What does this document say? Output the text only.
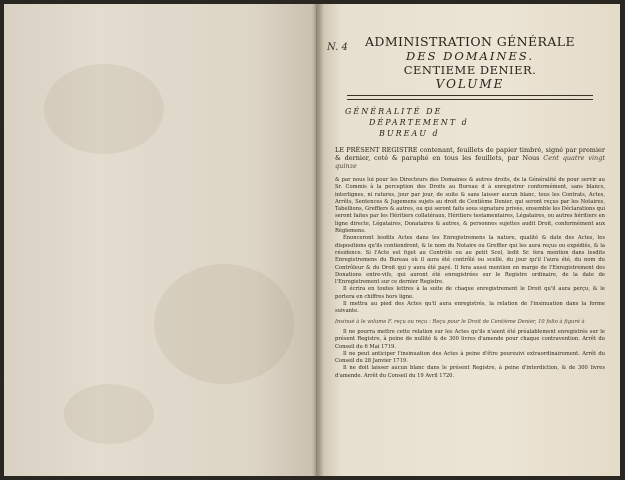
N. 4	ADMINISTRATION GÉNÉRALE
DES DOMAINES.
CENTIEME DENIER.
VOLUME
GÉNÉRALITÉ DE
DÉPARTEMENT d
BUREAU d

LE PRÉSENT REGISTRE contenant, feuillets de papier timbré, signé par premier & dernier, coté & paraphé en tous les feuillets, par Nous Cent quatre vingt quinze

& par nous lui pour les Directeurs des Domaines & autres droits, de la Généralité de pour servir au Sr. Commis à la perception des Droits au Bureau d à enregistrer conformément, sans blancs, interlignes, ni ratures, jour par jour, de suite & sans laisser aucun blanc, tous les Contrats, Actes, Arrêts, Sentences & Jugemens sujets au droit de Centième Denier, qui seront reçus par les Notaires, Tabellions, Greffiers & autres, ou qui seront faits sous signature privée, ensemble les Déclarations qui seront faites par les Héritiers collatéraux, Héritiers testamentaires, Légataires, ou autres héritiers en ligne directe, Légataires, Donataires & autres, & personnes sujettes audit Droit, conformément aux Règlemens.

Énonceront lesdits Actes dans les Enregistremens la nature, qualité & date des Actes, les dispositions qu'ils contiendront, & le nom du Notaire ou Greffier qui les aura reçus ou expédiés, & la résidence. Si l'Acte est fujet au Contrôle ou au petit Scel, ledit Sr. fera mention dans lesdits Enregistremens du Bureau où il aura été contrôlé ou scellé, du jour qu'il l'aura été, du nom du Contrôleur & du Droit qui y aura été payé. Il fera aussi mention en marge de l'Enregistrement des Donations entre-vifs, qui auront été enregistrées sur le Registre ordinaire, de la date de l'Enregistrement sur ce dernier Registre.

Il écrira en toutes lettres à la suite de chaque enregistrement le Droit qu'il aura perçu, & le portera en chiffres hors ligne.

Il mettra au pied des Actes qu'il aura enregistrés, la relation de l'insinuation dans la forme suivante.

Insinué à le volume F. reçu ou reçu : Reçu pour le Droit de Centième Denier, 10 folio à figuré à

Il ne pourra mettre cette relation sur les Actes qu'ils n'aient été préalablement enregistrés sur le présent Registre, à peine de nullité & de 300 livres d'amende pour chaque contravention. Arrêt du Conseil du 6 Mai 1719.

Il ne peut anticiper l'insinuation des Actes à peine d'être poursuivi extraordinairement. Arrêt du Conseil du 28 Janvier 1719.

Il ne doit laisser aucun blanc dans le présent Registre, à peine d'interdiction, & de 300 livres d'amende. Arrêt du Conseil du 19 Avril 1720.
